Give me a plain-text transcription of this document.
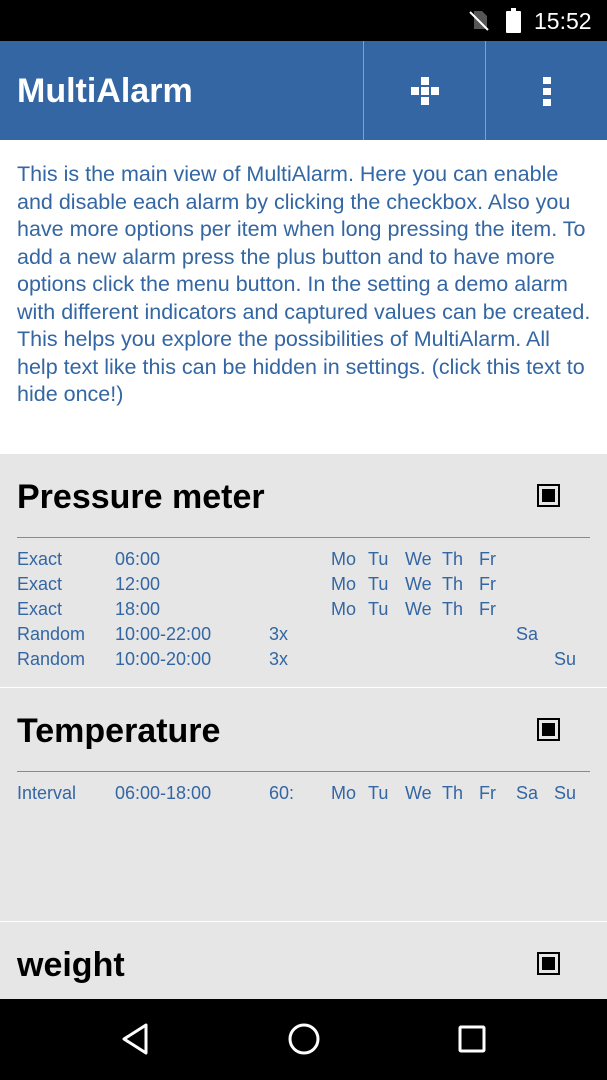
15:52
MultiAlarm
This is the main view of MultiAlarm. Here you can enable and disable each alarm by clicking the checkbox. Also you have more options per item when long pressing the item. To add a new alarm press the plus button and to have more options click the menu button. In the setting a demo alarm with different indicators and captured values can be created. This helps you explore the possibilities of MultiAlarm. All help text like this can be hidden in settings. (click this text to hide once!)
Pressure meter
Exact	06:00	Mo Tu We Th Fr
Exact	12:00	Mo Tu We Th Fr
Exact	18:00	Mo Tu We Th Fr
Random 10:00-22:00	3x	Sa
Random 10:00-20:00	3x	Su
Temperature
Interval 06:00-18:00	60: Mo Tu We Th Fr Sa Su
weight
